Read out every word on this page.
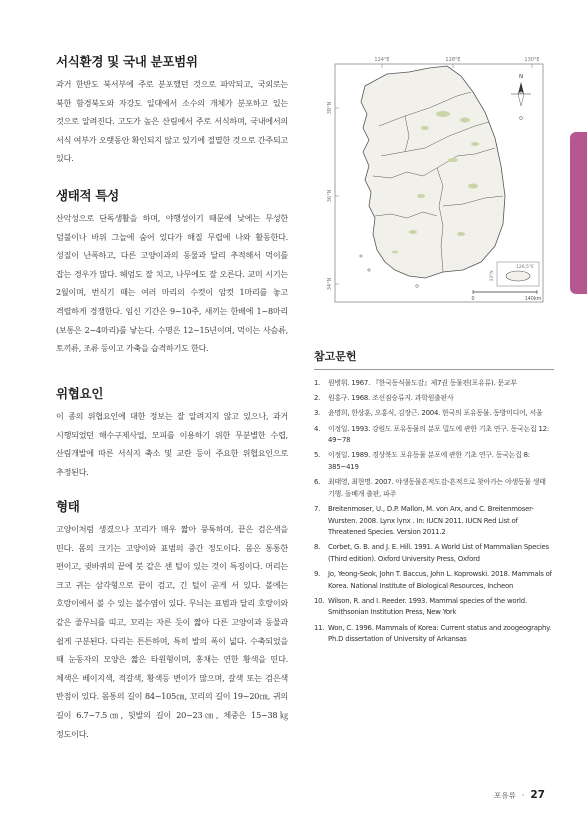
서식환경 및 국내 분포범위

과거 한반도 북서부에 주로 분포했던 것으로 파악되고, 국외로는 북한 함경북도와 자강도 일대에서 소수의 개체가 분포하고 있는 것으로 알려진다. 고도가 높은 산림에서 주로 서식하며, 국내에서의 서식 여부가 오랫동안 확인되지 않고 있기에 절멸한 것으로 간주되고 있다.

생태적 특성

산악성으로 단독생활을 하며, 야행성이기 때문에 낮에는 무성한 덤불이나 바위 그늘에 숨어 있다가 해질 무렵에 나와 활동한다. 성질이 난폭하고, 다른 고양이과의 동물과 달리 추적해서 먹이를 잡는 경우가 많다. 헤엄도 잘 치고, 나무에도 잘 오른다. 교미 시기는 2월이며, 번식기 때는 여러 마리의 수컷이 암컷 1마리를 놓고 격렬하게 경쟁한다. 임신 기간은 9~10주, 새끼는 한배에 1~8마리(보통은 2~4마리)를 낳는다. 수명은 12~15년이며, 먹이는 사슴류, 토끼류, 조류 등이고 가축을 습격하기도 한다.

위협요인

이 종의 위협요인에 대한 정보는 잘 알려지지 않고 있으나, 과거 시행되었던 해수구제사업, 모피를 이용하기 위한 무분별한 수렵, 산림개발에 따른 서식지 축소 및 교란 등이 주요한 위협요인으로 추정된다.

형태

고양이처럼 생겼으나 꼬리가 매우 짧아 뭉툭하며, 끝은 검은색을 띤다. 몸의 크기는 고양이와 표범의 중간 정도이다. 몸은 통통한 편이고, 귓바퀴의 끝에 붓 같은 센 털이 있는 것이 특징이다. 머리는 크고 귀는 삼각형으로 끝이 검고, 긴 털이 곧게 서 있다. 볼에는 호랑이에서 볼 수 있는 볼수염이 있다. 무늬는 표범과 달리 호랑이와 같은 줄무늬를 띠고, 꼬리는 자른 듯이 짧아 다른 고양이과 동물과 쉽게 구분된다. 다리는 튼튼하며, 특히 발의 폭이 넓다. 수축되었을 때 눈동자의 모양은 짧은 타원형이며, 홍채는 연한 황색을 띤다. 체색은 베이지색, 적갈색, 황색등 변이가 많으며, 갈색 또는 검은색 반점이 있다. 몸통의 길이 84~105㎝, 꼬리의 길이 19~20㎝, 귀의 길이 6.7~7.5㎝, 뒷발의 길이 20~23㎝, 체중은 15~38㎏ 정도이다.

124°E	128°E	130°E
38°N
36°N
34°N
N
126.5°E
33°N
0	140km
참고문헌
1.	원병휘. 1967. 『한국동식물도감』제7권 동물편(포유류). 문교부
2.	원홍구. 1968. 조선짐승류지. 과학원출판사
3.	윤명희, 한상훈, 오홍식, 김장근. 2004. 한국의 포유동물. 동방미디어, 서울
4.	이정일. 1993. 강원도 포유동물의 분포 밀도에 관한 기초 연구. 동국논집 12: 49~78
5.	이정일. 1989. 경상북도 포유동물 분포에 관한 기초 연구. 동국논집 8: 385~419
6.	최태영, 최현명. 2007. 야생동물흔적도감-흔적으로 찾아가는 야생동물 생태 기행. 돌베개 출판, 파주
7.	Breitenmoser, U., D.P. Mallon, M. von Arx, and C. Breitenmoser-Wursten. 2008. Lynx lynx . In: IUCN 2011. IUCN Red List of Threatened Species. Version 2011.2
8.	Corbet, G. B. and J. E. Hill. 1991. A World List of Mammalian Species (Third edition). Oxford University Press, Oxford
9.	Jo, Yeong-Seok, John T. Baccus, John L. Koprowski. 2018. Mammals of Korea. National Institute of Biological Resources, Incheon
10. Wilson, R. and I. Reeder. 1993. Mammal species of the world. Smithsonian Institution Press, New York
11. Won, C. 1996. Mammals of Korea: Current status and zoogeography. Ph.D dissertation of University of Arkansas
포유류 · 27
